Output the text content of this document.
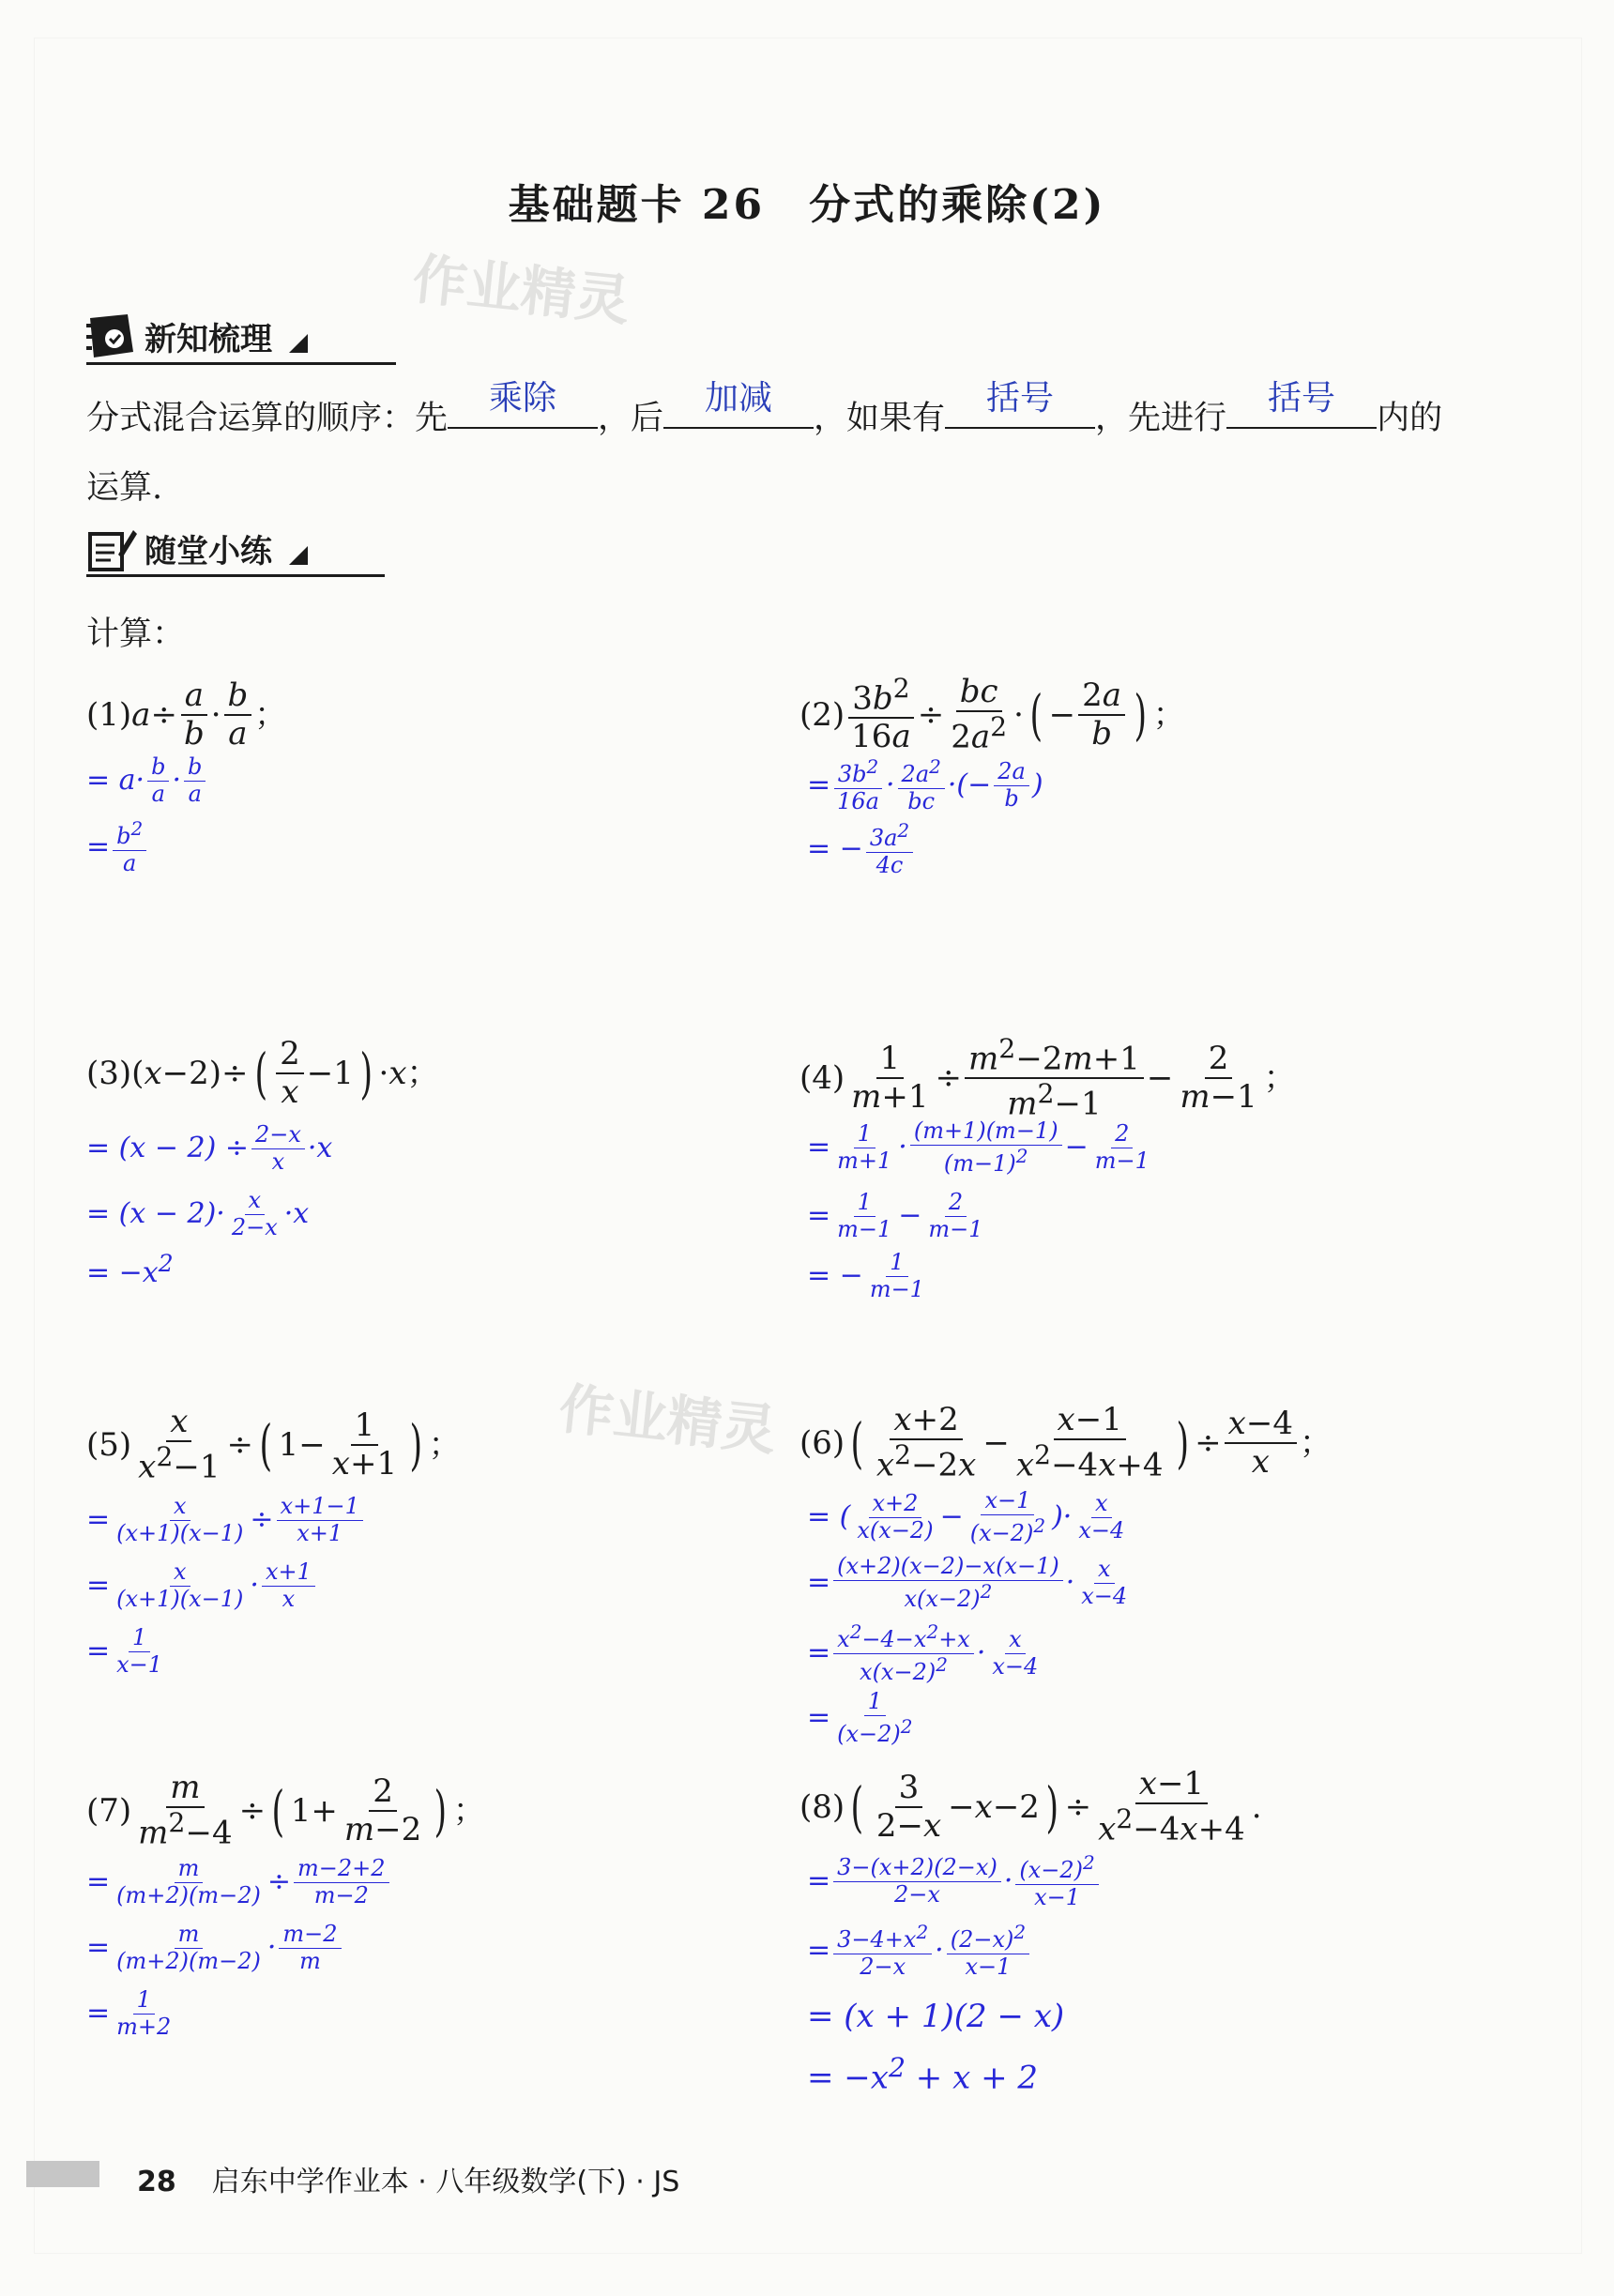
基础题卡 26　分式的乘除(2)
作业精灵
作业精灵
新知梳理
分式混合运算的顺序：先
乘除
，后
加减
，如果有
括号
，先进行
括号
内的
运算.
随堂小练
计算：
$(1)a\div \frac{a}{b} \cdot \frac{b}{a}$ ；
= $a\cdot \frac{b}{a} \cdot \frac{b}{a}$
= $\frac{b^2}{a}$
$(2) \frac{3b^2}{16a} \div \frac{bc}{2a^2}$ · ( − $\frac{2a}{b}$ ) ；
= $\frac{3b^2}{16a} \cdot \frac{2a^2}{bc}$ ·(− $\frac{2a}{b}$ )
= − $\frac{3a^2}{4c}$
(3)(x−2)÷ ( $\frac{2}{x} -1$ ) ·x；
= $(x - 2) \div \frac{2-x}{x} \cdot x$
= $(x - 2)\cdot \frac{x}{2-x} \cdot x$
= $-x^2$
$(4) \frac{1}{m+1} \div \frac{m^2-2m+1}{m^2-1} - \frac{2}{m-1}$ ；
= $\frac{1}{m+1} \cdot \frac{(m+1)(m-1)}{(m-1)^2} - \frac{2}{m-1}$
= $\frac{1}{m-1} - \frac{2}{m-1}$
= − $\frac{1}{m-1}$
$(5) \frac{x}{x^2-1}$ ÷ ( $1- \frac{1}{x+1}$ ) ；
= $\frac{x}{(x+1)(x-1)} \div \frac{x+1-1}{x+1}$
= $\frac{x}{(x+1)(x-1)} \cdot \frac{x+1}{x}$
= $\frac{1}{x-1}$
(6) ( $\frac{x+2}{x^2-2x} - \frac{x-1}{x^2-4x+4}$ ) ÷ $\frac{x-4}{x}$ ；
= ( $\frac{x+2}{x(x-2)} - \frac{x-1}{(x-2)^2}$ )· $\frac{x}{x-4}$
= $\frac{(x+2)(x-2)-x(x-1)}{x(x-2)^2} \cdot \frac{x}{x-4}$
= $\frac{x^2-4-x^2+x}{x(x-2)^2} \cdot \frac{x}{x-4}$
= $\frac{1}{(x-2)^2}$
$(7) \frac{m}{m^2-4}$ ÷ ( $1+ \frac{2}{m-2}$ ) ；
= $\frac{m}{(m+2)(m-2)} \div \frac{m-2+2}{m-2}$
= $\frac{m}{(m+2)(m-2)} \cdot \frac{m-2}{m}$
= $\frac{1}{m+2}$
(8) ( $\frac{3}{2-x} -x-2$ ) ÷ $\frac{x-1}{x^2-4x+4}$ .
= $\frac{3-(x+2)(2-x)}{2-x} \cdot \frac{(x-2)^2}{x-1}$
= $\frac{3-4+x^2}{2-x} \cdot \frac{(2-x)^2}{x-1}$
= (x + 1)(2 − x)
= $-x^2 + x + 2$
28 启东中学作业本 · 八年级数学(下) · JS
